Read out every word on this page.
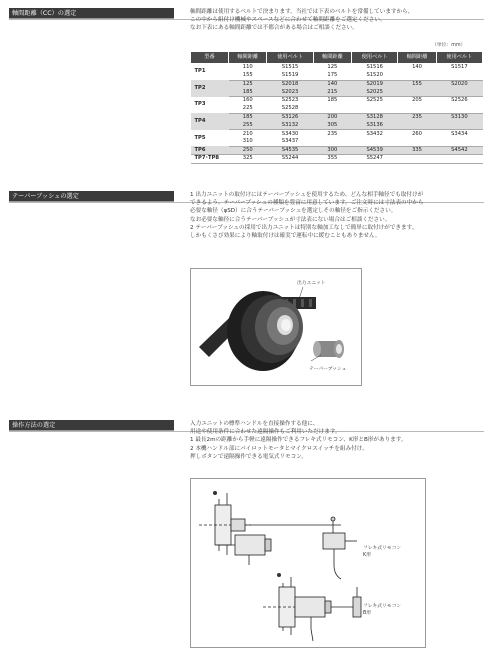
軸間距離（CC）の選定	軸間距離は使用するベルトで決まります。当社では下表のベルトを常備していますから、
この中から組付け機械やスペースなどに合わせて軸間距離をご選定ください。
なお下表にある軸間距離では不都合がある場合はご相談ください。
（単位：mm）
型番	軸間距離	使用ベルト	軸間距離	使用ベルト	軸間距離	使用ベルト
TP1	110	S1515	125	S1516	140	S1517
	155	S1519	175	S1520		
TP2	125	S2018	140	S2019	155	S2020
	185	S2023	215	S2025		
TP3	160	S2523	185	S2525	205	S2526
	225	S2528				
TP4	185	S3126	200	S3128	235	S3130
	255	S3132	305	S3136		
TP5	210	S3430	235	S3432	260	S3434
	310	S3437				
TP6	250	S4535	300	S4539	335	S4542
TP7･TP8	325	S5244	355	S5247		
テーパーブッシュの選定	1 出力ユニットの取付けにはテーパーブッシュを使用するため、どんな相手軸径でも取付けが
できるよう、テーパーブッシュの種類を豊富に用意しています。ご注文時には寸法表の中から
必要な軸径（φSD）に合うテーパーブッシュを選定しその軸径をご指示ください。
なお必要な軸径に合うテーパーブッシュが寸法表にない場合はご相談ください。
2 テーパーブッシュの採用で出力ユニットは特別な軸加工なしで簡単に取付けができます。
しかもくさび効果により軸取付けは確実で運転中に緩むこともありません。
出力ユニット
テーパーブッシュ
操作方法の選定	入力ユニットの標準ハンドルを直接操作する他に、
用途や使用条件に合わせた遠隔操作もご利用いただけます。
1 最長2mの距離から手軽に遠隔操作できるフレキ式リモコン、K形とB形があります。
2 本機ハンドル部にパイロットモータとマイクロスイッチを組み付け、
押しボタンで遠隔操作できる電気式リモコン。
フレキ式リモコン
K形
フレキ式リモコン
B形
